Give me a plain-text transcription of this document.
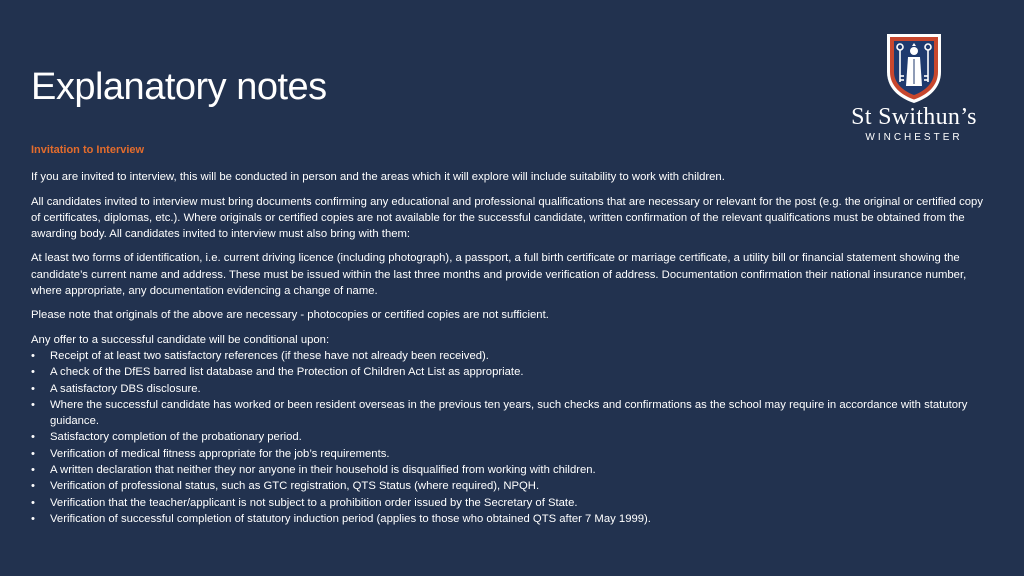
Explanatory notes
St Swithun’s
WINCHESTER
Invitation to Interview

If you are invited to interview, this will be conducted in person and the areas which it will explore will include suitability to work with children.

All candidates invited to interview must bring documents confirming any educational and professional qualifications that are necessary or relevant for the post (e.g. the original or certified copy of certificates, diplomas, etc.). Where originals or certified copies are not available for the successful candidate, written confirmation of the relevant qualifications must be obtained from the awarding body. All candidates invited to interview must also bring with them:

At least two forms of identification, i.e. current driving licence (including photograph), a passport, a full birth certificate or marriage certificate, a utility bill or financial statement showing the candidate’s current name and address. These must be issued within the last three months and provide verification of address. Documentation confirmation their national insurance number, where appropriate, any documentation evidencing a change of name.

Please note that originals of the above are necessary - photocopies or certified copies are not sufficient.

Any offer to a successful candidate will be conditional upon:
• Receipt of at least two satisfactory references (if these have not already been received).
• A check of the DfES barred list database and the Protection of Children Act List as appropriate.
• A satisfactory DBS disclosure.
• Where the successful candidate has worked or been resident overseas in the previous ten years, such checks and confirmations as the school may require in accordance with statutory guidance.
• Satisfactory completion of the probationary period.
• Verification of medical fitness appropriate for the job’s requirements.
• A written declaration that neither they nor anyone in their household is disqualified from working with children.
• Verification of professional status, such as GTC registration, QTS Status (where required), NPQH.
• Verification that the teacher/applicant is not subject to a prohibition order issued by the Secretary of State.
• Verification of successful completion of statutory induction period (applies to those who obtained QTS after 7 May 1999).
